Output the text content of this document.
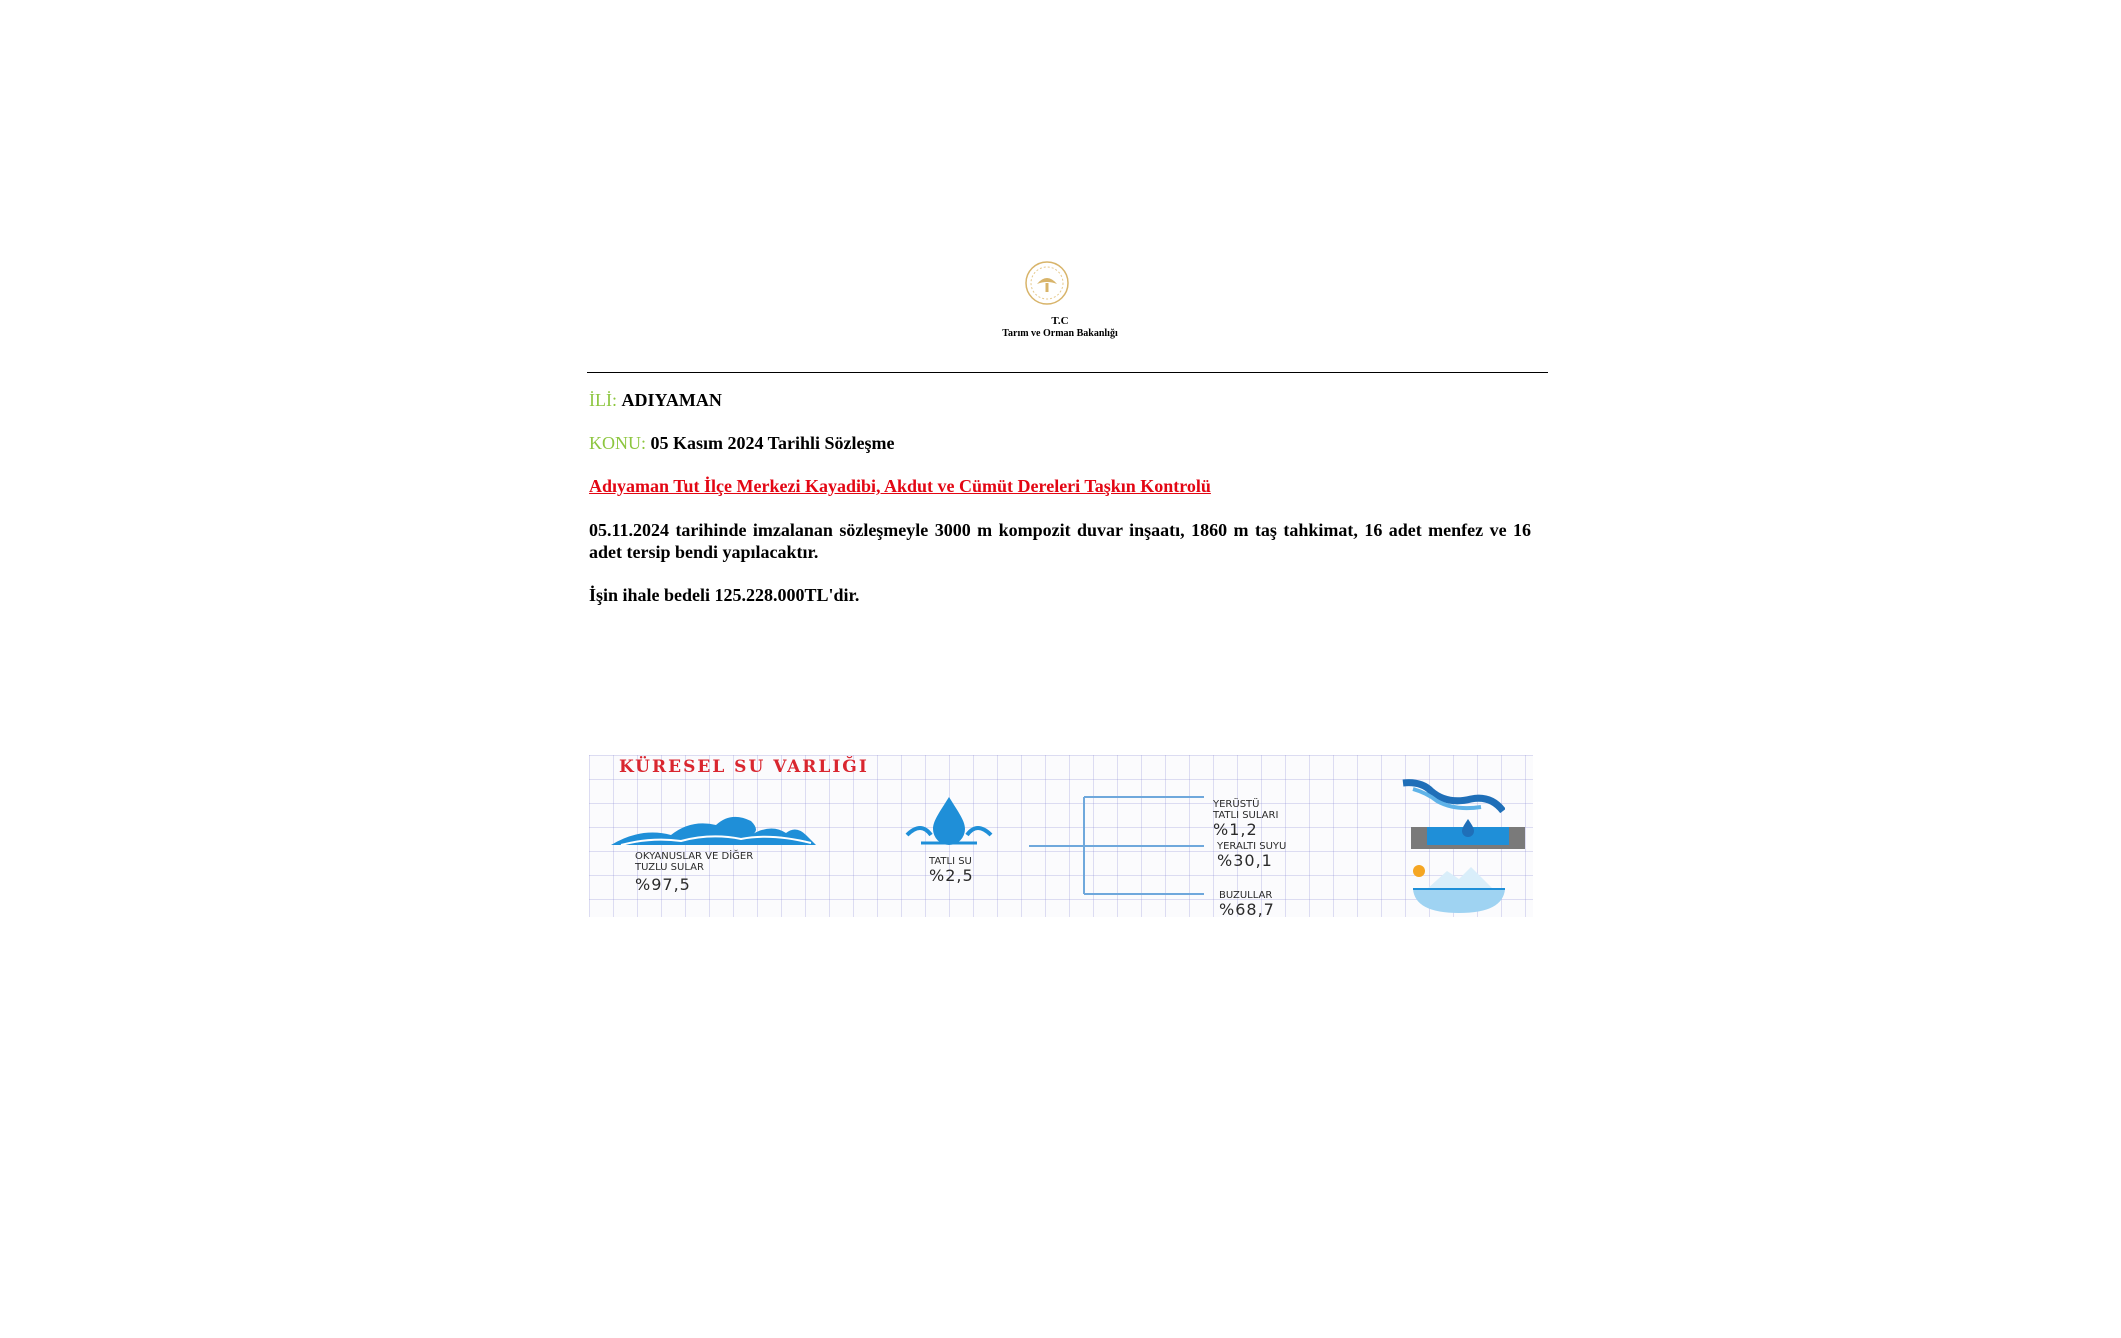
T.C
Tarım ve Orman Bakanlığı
İLİ: ADIYAMAN
KONU: 05 Kasım 2024 Tarihli Sözleşme
Adıyaman Tut İlçe Merkezi Kayadibi, Akdut ve Cümüt Dereleri Taşkın Kontrolü
05.11.2024 tarihinde imzalanan sözleşmeyle 3000 m kompozit duvar inşaatı, 1860 m taş tahkimat, 16 adet menfez ve 16 adet tersip bendi yapılacaktır.
İşin ihale bedeli 125.228.000TL'dir.
KÜRESEL SU VARLIĞI
OKYANUSLAR VE DİĞER
TUZLU SULAR
%97,5
TATLI SU
%2,5
YERÜSTÜ
TATLI SULARI
%1,2
YERALTI SUYU
%30,1
BUZULLAR
%68,7
